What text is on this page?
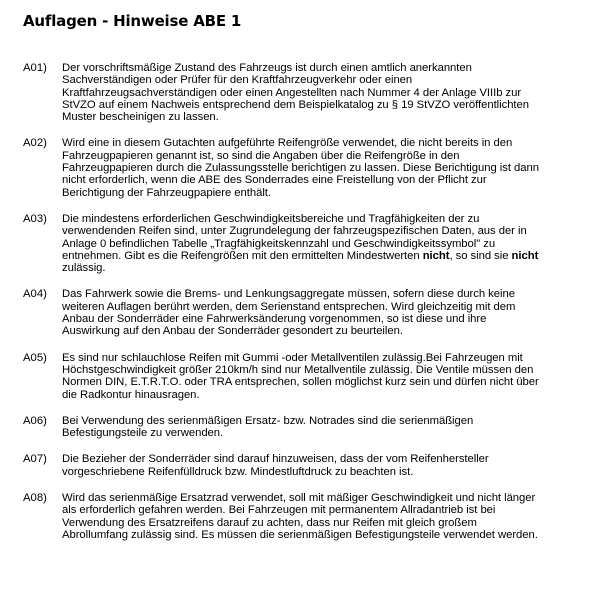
Auflagen - Hinweise ABE 1
A01)	Der vorschriftsmäßige Zustand des Fahrzeugs ist durch einen amtlich anerkannten Sachverständigen oder Prüfer für den Kraftfahrzeugverkehr oder einen Kraftfahrzeugsachverständigen oder einen Angestellten nach Nummer 4 der Anlage VIIIb zur StVZO auf einem Nachweis entsprechend dem Beispielkatalog zu § 19 StVZO veröffentlichten Muster bescheinigen zu lassen.
A02)	Wird eine in diesem Gutachten aufgeführte Reifengröße verwendet, die nicht bereits in den Fahrzeugpapieren genannt ist, so sind die Angaben über die Reifengröße in den Fahrzeugpapieren durch die Zulassungsstelle berichtigen zu lassen. Diese Berichtigung ist dann nicht erforderlich, wenn die ABE des Sonderrades eine Freistellung von der Pflicht zur Berichtigung der Fahrzeugpapiere enthält.
A03)	Die mindestens erforderlichen Geschwindigkeitsbereiche und Tragfähigkeiten der zu verwendenden Reifen sind, unter Zugrundelegung der fahrzeugspezifischen Daten, aus der in Anlage 0 befindlichen Tabelle „Tragfähigkeitskennzahl und Geschwindigkeitssymbol" zu entnehmen. Gibt es die Reifengrößen mit den ermittelten Mindestwerten nicht, so sind sie nicht zulässig.
A04)	Das Fahrwerk sowie die Brems- und Lenkungsaggregate müssen, sofern diese durch keine weiteren Auflagen berührt werden, dem Serienstand entsprechen. Wird gleichzeitig mit dem Anbau der Sonderräder eine Fahrwerksänderung vorgenommen, so ist diese und ihre Auswirkung auf den Anbau der Sonderräder gesondert zu beurteilen.
A05)	Es sind nur schlauchlose Reifen mit Gummi -oder Metallventilen zulässig.Bei Fahrzeugen mit Höchstgeschwindigkeit größer 210km/h sind nur Metallventile zulässig. Die Ventile müssen den Normen DIN, E.T.R.T.O. oder TRA entsprechen, sollen möglichst kurz sein und dürfen nicht über die Radkontur hinausragen.
A06)	Bei Verwendung des serienmäßigen Ersatz- bzw. Notrades sind die serienmäßigen Befestigungsteile zu verwenden.
A07)	Die Bezieher der Sonderräder sind darauf hinzuweisen, dass der vom Reifenhersteller vorgeschriebene Reifenfülldruck bzw. Mindestluftdruck zu beachten ist.
A08)	Wird das serienmäßige Ersatzrad verwendet, soll mit mäßiger Geschwindigkeit und nicht länger als erforderlich gefahren werden. Bei Fahrzeugen mit permanentem Allradantrieb ist bei Verwendung des Ersatzreifens darauf zu achten, dass nur Reifen mit gleich großem Abrollumfang zulässig sind. Es müssen die serienmäßigen Befestigungsteile verwendet werden.
